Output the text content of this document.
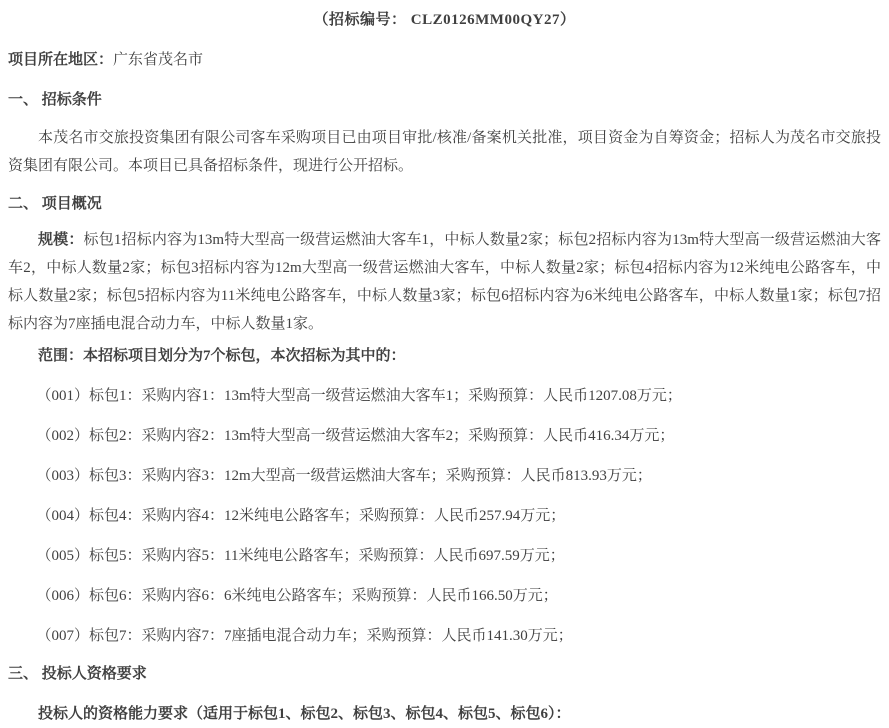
（招标编号： CLZ0126MM00QY27）

项目所在地区：广东省茂名市

一、 招标条件

本茂名市交旅投资集团有限公司客车采购项目已由项目审批/核准/备案机关批准，项目资金为自筹资金；招标人为茂名市交旅投资集团有限公司。本项目已具备招标条件，现进行公开招标。

二、 项目概况

规模：标包1招标内容为13m特大型高一级营运燃油大客车1，中标人数量2家；标包2招标内容为13m特大型高一级营运燃油大客车2，中标人数量2家；标包3招标内容为12m大型高一级营运燃油大客车，中标人数量2家；标包4招标内容为12米纯电公路客车，中标人数量2家；标包5招标内容为11米纯电公路客车，中标人数量3家；标包6招标内容为6米纯电公路客车，中标人数量1家；标包7招标内容为7座插电混合动力车，中标人数量1家。

范围：本招标项目划分为7个标包，本次招标为其中的：

（001）标包1：采购内容1：13m特大型高一级营运燃油大客车1；采购预算：人民币1207.08万元；

（002）标包2：采购内容2：13m特大型高一级营运燃油大客车2；采购预算：人民币416.34万元；

（003）标包3：采购内容3：12m大型高一级营运燃油大客车；采购预算：人民币813.93万元；

（004）标包4：采购内容4：12米纯电公路客车；采购预算：人民币257.94万元；

（005）标包5：采购内容5：11米纯电公路客车；采购预算：人民币697.59万元；

（006）标包6：采购内容6：6米纯电公路客车；采购预算：人民币166.50万元；

（007）标包7：采购内容7：7座插电混合动力车；采购预算：人民币141.30万元；

三、 投标人资格要求

投标人的资格能力要求（适用于标包1、标包2、标包3、标包4、标包5、标包6）：
